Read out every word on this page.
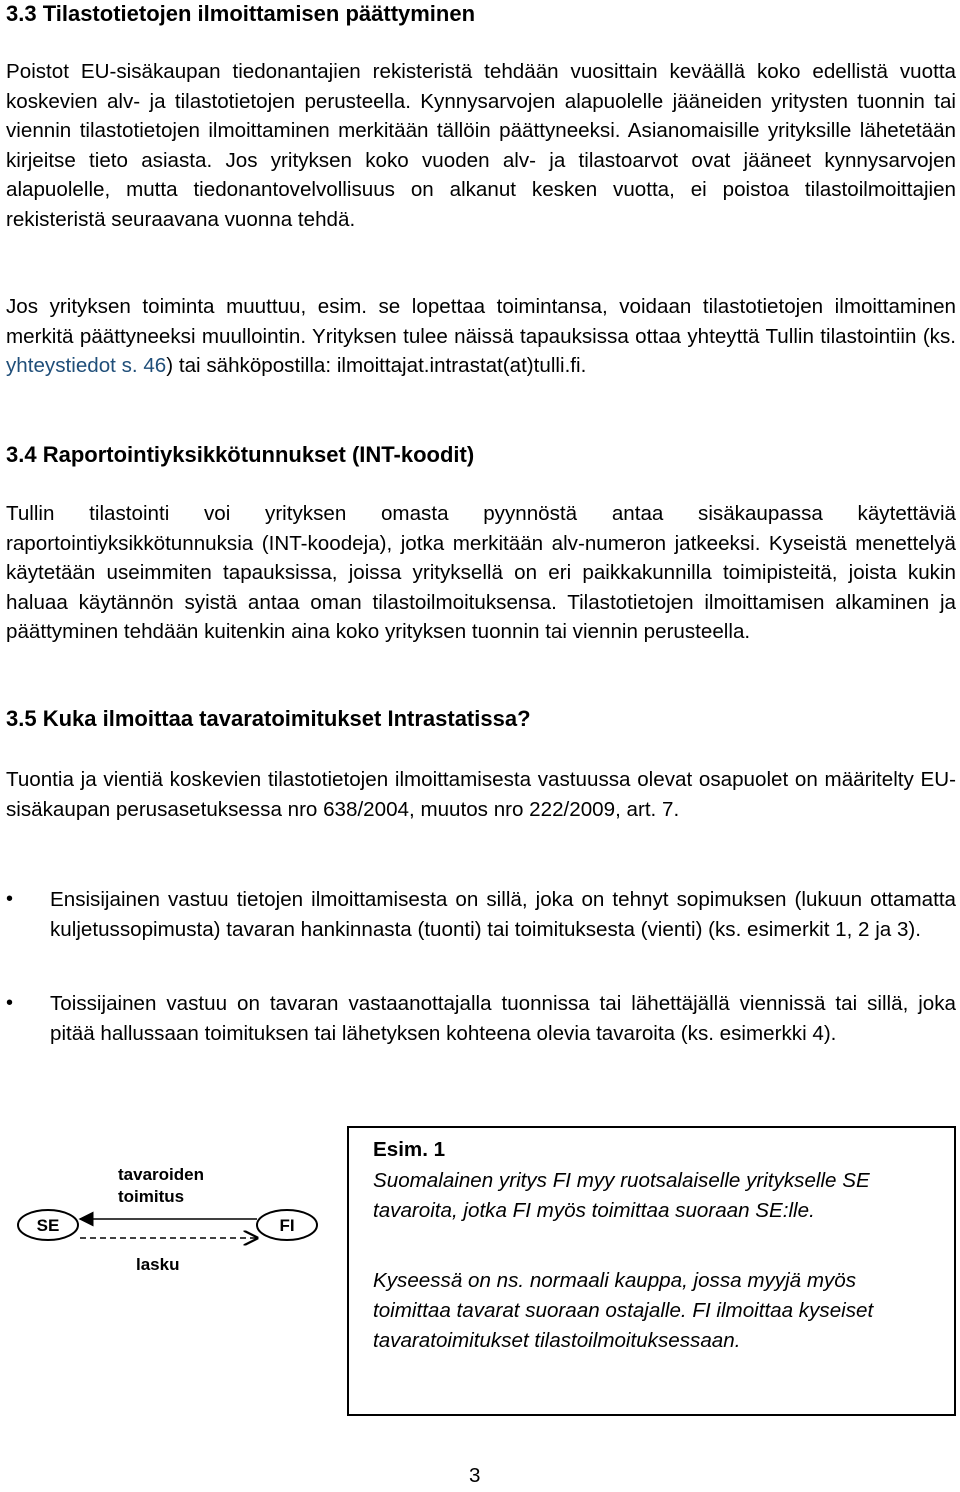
3.3 Tilastotietojen ilmoittamisen päättyminen

Poistot EU-sisäkaupan tiedonantajien rekisteristä tehdään vuosittain keväällä koko edellistä vuotta koskevien alv- ja tilastotietojen perusteella. Kynnysarvojen alapuolelle jääneiden yritysten tuonnin tai viennin tilastotietojen ilmoittaminen merkitään tällöin päättyneeksi. Asianomaisille yrityksille lähetetään kirjeitse tieto asiasta. Jos yrityksen koko vuoden alv- ja tilastoarvot ovat jääneet kynnysarvojen alapuolelle, mutta tiedonantovelvollisuus on alkanut kesken vuotta, ei poistoa tilastoilmoittajien rekisteristä seuraavana vuonna tehdä.

Jos yrityksen toiminta muuttuu, esim. se lopettaa toimintansa, voidaan tilastotietojen ilmoittaminen merkitä päättyneeksi muullointin. Yrityksen tulee näissä tapauksissa ottaa yhteyttä Tullin tilastointiin (ks. yhteystiedot s. 46) tai sähköpostilla: ilmoittajat.intrastat(at)tulli.fi.

3.4 Raportointiyksikkötunnukset (INT-koodit)

Tullin tilastointi voi yrityksen omasta pyynnöstä antaa sisäkaupassa käytettäviä raportointiyksikkötunnuksia (INT-koodeja), jotka merkitään alv-numeron jatkeeksi. Kyseistä menettelyä käytetään useimmiten tapauksissa, joissa yrityksellä on eri paikkakunnilla toimipisteitä, joista kukin haluaa käytännön syistä antaa oman tilastoilmoituksensa. Tilastotietojen ilmoittamisen alkaminen ja päättyminen tehdään kuitenkin aina koko yrityksen tuonnin tai viennin perusteella.

3.5 Kuka ilmoittaa tavaratoimitukset Intrastatissa?

Tuontia ja vientiä koskevien tilastotietojen ilmoittamisesta vastuussa olevat osapuolet on määritelty EU-sisäkaupan perusasetuksessa nro 638/2004, muutos nro 222/2009, art. 7.

• Ensisijainen vastuu tietojen ilmoittamisesta on sillä, joka on tehnyt sopimuksen (lukuun ottamatta kuljetussopimusta) tavaran hankinnasta (tuonti) tai toimituksesta (vienti) (ks. esimerkit 1, 2 ja 3).

• Toissijainen vastuu on tavaran vastaanottajalla tuonnissa tai lähettäjällä viennissä tai sillä, joka pitää hallussaan toimituksen tai lähetyksen kohteena olevia tavaroita (ks. esimerkki 4).

SE	FI
tavaroiden
toimitus
lasku
Esim. 1

Suomalainen yritys FI myy ruotsalaiselle yritykselle SE tavaroita, jotka FI myös toimittaa suoraan SE:lle.

Kyseessä on ns. normaali kauppa, jossa myyjä myös toimittaa tavarat suoraan ostajalle. FI ilmoittaa kyseiset tavaratoimitukset tilastoilmoituksessaan.

3
